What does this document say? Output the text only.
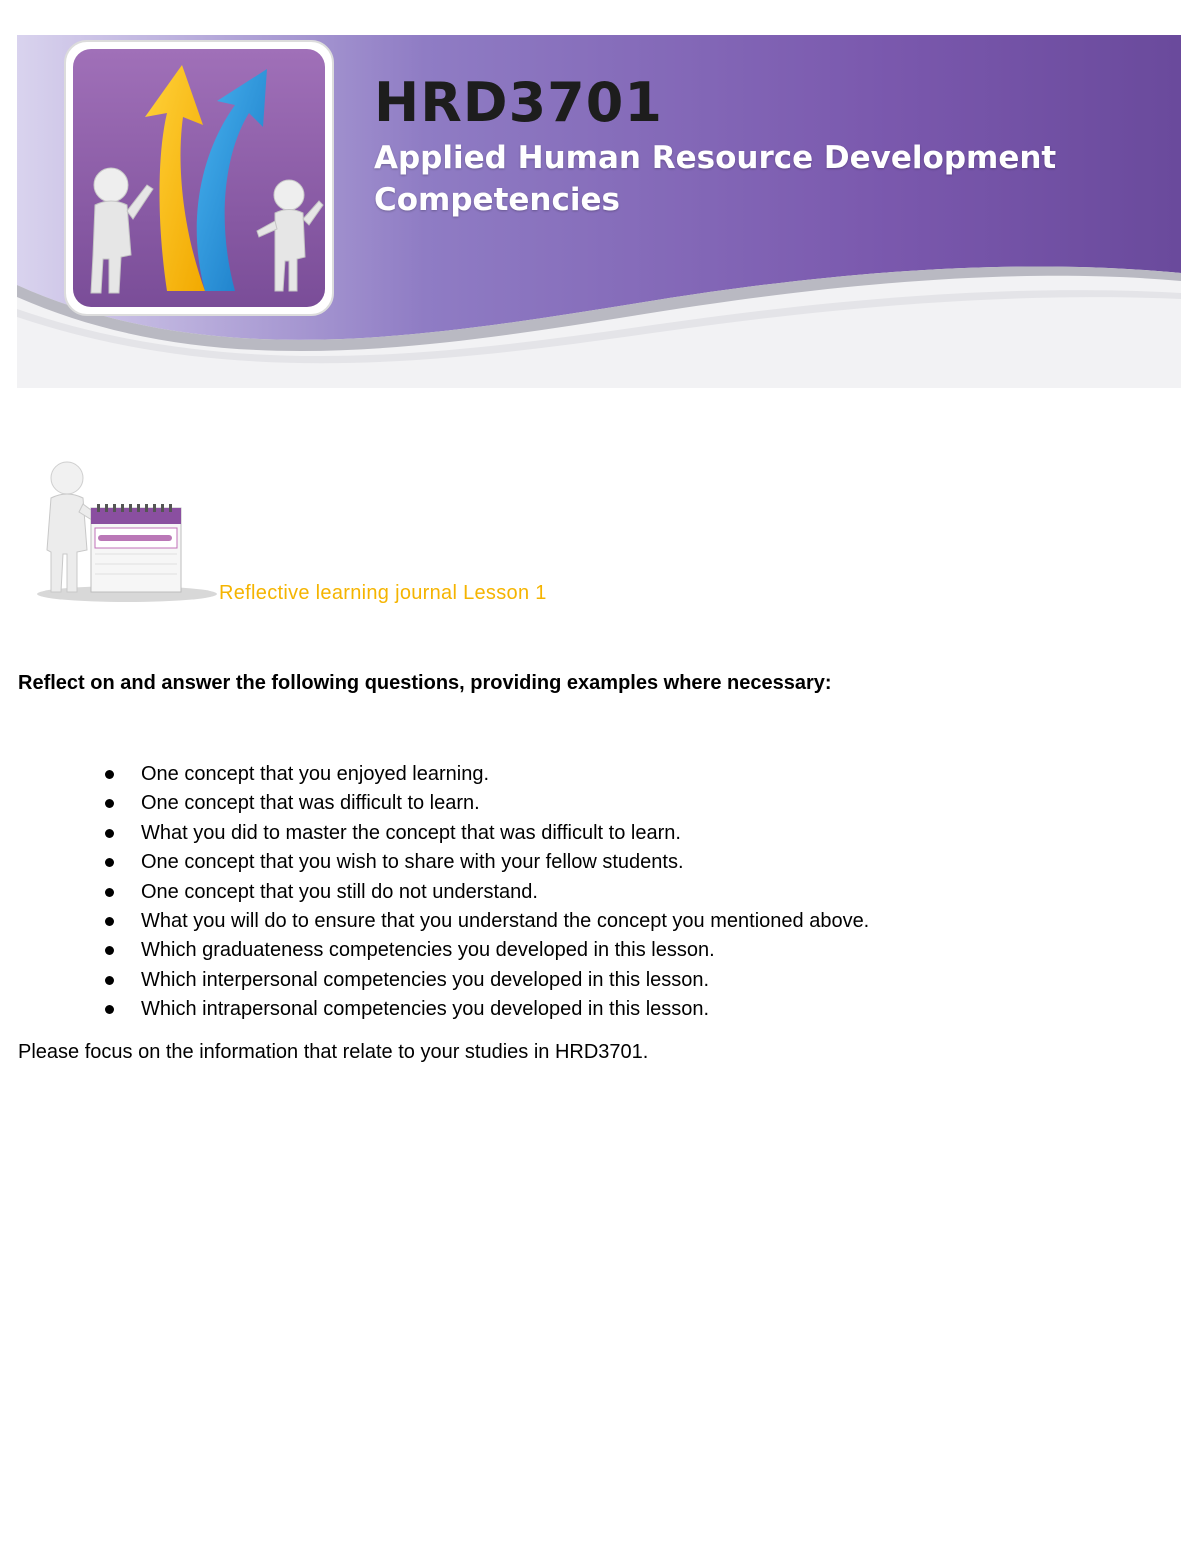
HRD3701
Applied Human Resource Development Competencies
Reflective learning journal Lesson 1
Reflect on and answer the following questions, providing examples where necessary:
One concept that you enjoyed learning.
One concept that was difficult to learn.
What you did to master the concept that was difficult to learn.
One concept that you wish to share with your fellow students.
One concept that you still do not understand.
What you will do to ensure that you understand the concept you mentioned above.
Which graduateness competencies you developed in this lesson.
Which interpersonal competencies you developed in this lesson.
Which intrapersonal competencies you developed in this lesson.
Please focus on the information that relate to your studies in HRD3701.
